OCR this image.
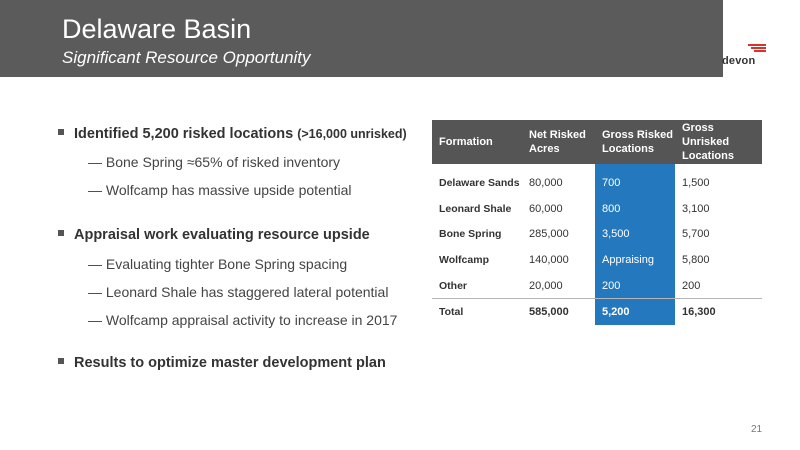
Delaware Basin
Significant Resource Opportunity	devon
Identified 5,200 risked locations (>16,000 unrisked)
— Bone Spring ≈65% of risked inventory
— Wolfcamp has massive upside potential
Appraisal work evaluating resource upside
— Evaluating tighter Bone Spring spacing
— Leonard Shale has staggered lateral potential
— Wolfcamp appraisal activity to increase in 2017
Results to optimize master development plan
Formation	Net Risked Acres	Gross Risked Locations	Gross Unrisked Locations

Delaware Sands	80,000	700	1,500
Leonard Shale	60,000	800	3,100
Bone Spring	285,000	3,500	5,700
Wolfcamp	140,000	Appraising	5,800
Other	20,000	200	200
Total	585,000	5,200	16,300
21
